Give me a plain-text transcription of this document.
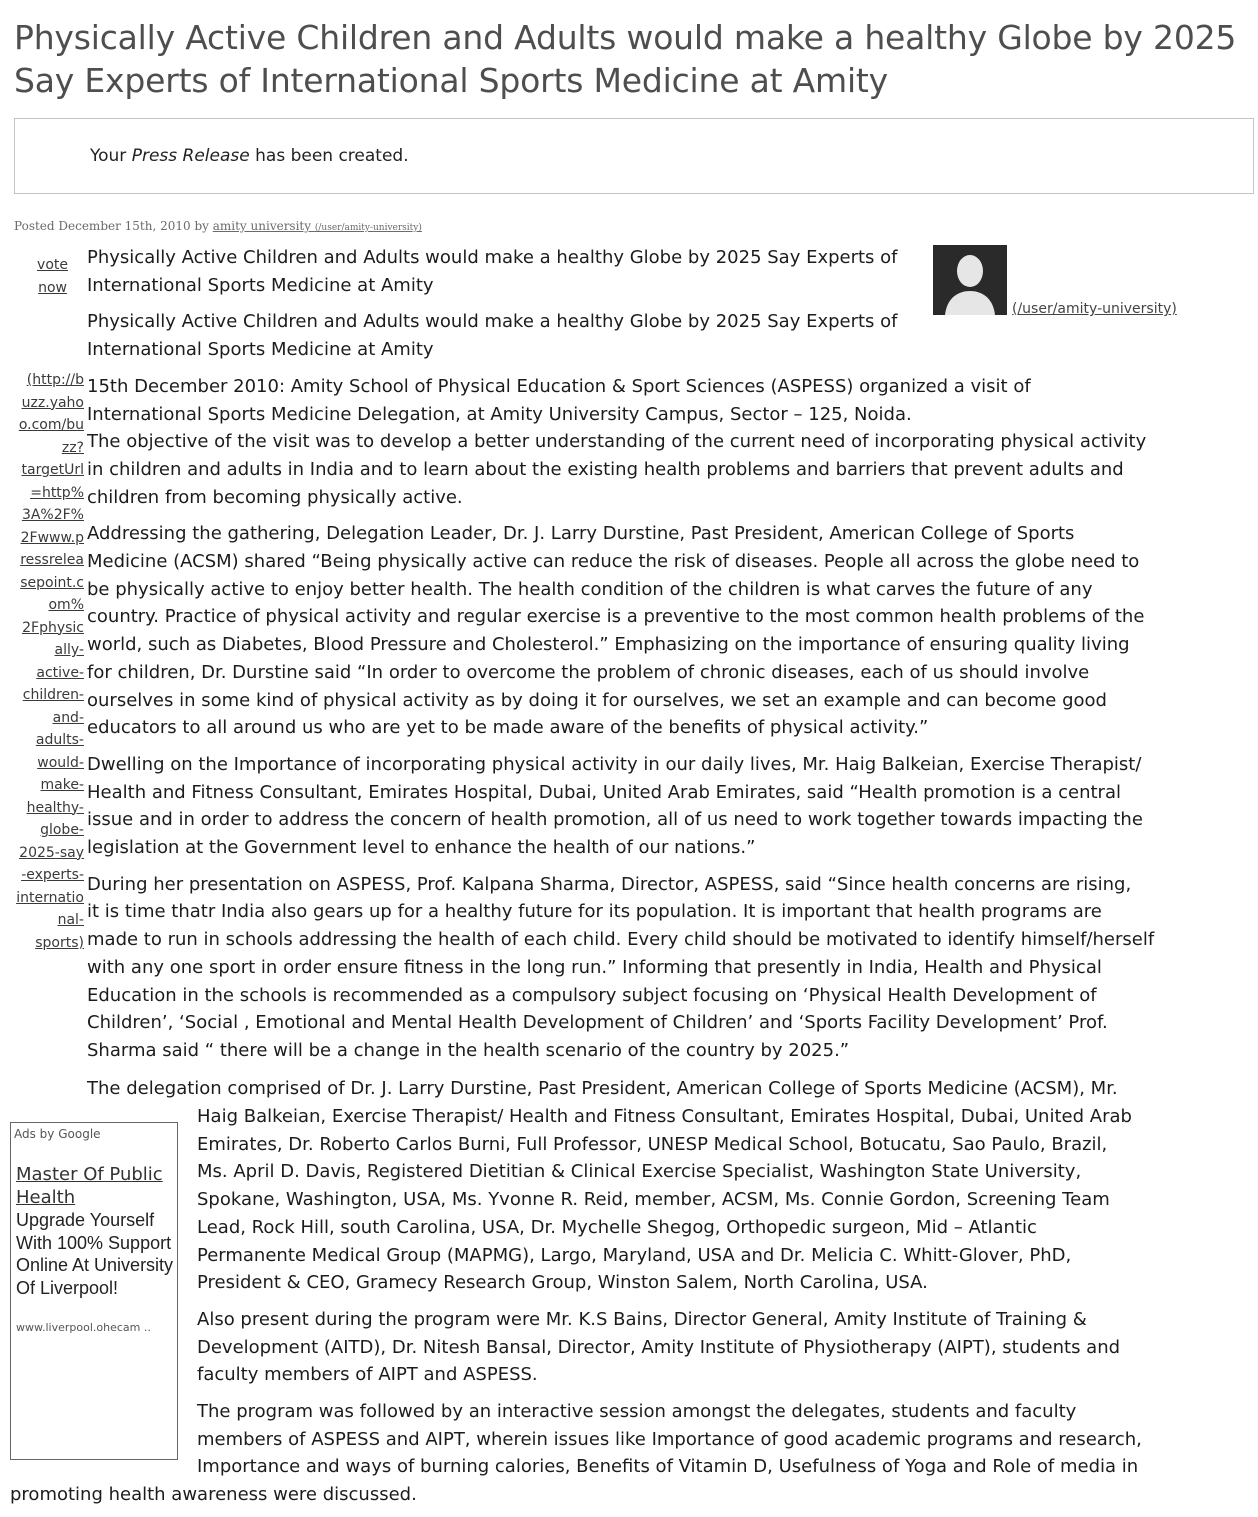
Physically Active Children and Adults would make a healthy Globe by 2025
Say Experts of International Sports Medicine at Amity
Your Press Release has been created.
Posted December 15th, 2010 by amity university (/user/amity-university)
vote
now
(http://b
uzz.yaho
o.com/bu
zz?
targetUrl
=http%
3A%2F%
2Fwww.p
ressrelea
sepoint.c
om%
2Fphysic
ally-
active-
children-
and-
adults-
would-
make-
healthy-
globe-
2025-say
-experts-
internatio
nal-
sports)
(/user/amity-university)
Physically Active Children and Adults would make a healthy Globe by 2025 Say Experts of
International Sports Medicine at Amity
Physically Active Children and Adults would make a healthy Globe by 2025 Say Experts of
International Sports Medicine at Amity
15th December 2010: Amity School of Physical Education & Sport Sciences (ASPESS) organized a visit of
International Sports Medicine Delegation, at Amity University Campus, Sector – 125, Noida.
The objective of the visit was to develop a better understanding of the current need of incorporating physical activity
in children and adults in India and to learn about the existing health problems and barriers that prevent adults and
children from becoming physically active.
Addressing the gathering, Delegation Leader, Dr. J. Larry Durstine, Past President, American College of Sports
Medicine (ACSM) shared “Being physically active can reduce the risk of diseases. People all across the globe need to
be physically active to enjoy better health. The health condition of the children is what carves the future of any
country. Practice of physical activity and regular exercise is a preventive to the most common health problems of the
world, such as Diabetes, Blood Pressure and Cholesterol.” Emphasizing on the importance of ensuring quality living
for children, Dr. Durstine said “In order to overcome the problem of chronic diseases, each of us should involve
ourselves in some kind of physical activity as by doing it for ourselves, we set an example and can become good
educators to all around us who are yet to be made aware of the benefits of physical activity.”
Dwelling on the Importance of incorporating physical activity in our daily lives, Mr. Haig Balkeian, Exercise Therapist/
Health and Fitness Consultant, Emirates Hospital, Dubai, United Arab Emirates, said “Health promotion is a central
issue and in order to address the concern of health promotion, all of us need to work together towards impacting the
legislation at the Government level to enhance the health of our nations.”
During her presentation on ASPESS, Prof. Kalpana Sharma, Director, ASPESS, said “Since health concerns are rising,
it is time thatr India also gears up for a healthy future for its population. It is important that health programs are
made to run in schools addressing the health of each child. Every child should be motivated to identify himself/herself
with any one sport in order ensure fitness in the long run.” Informing that presently in India, Health and Physical
Education in the schools is recommended as a compulsory subject focusing on ‘Physical Health Development of
Children’, ‘Social , Emotional and Mental Health Development of Children’ and ‘Sports Facility Development’ Prof.
Sharma said “ there will be a change in the health scenario of the country by 2025.”
The delegation comprised of Dr. J. Larry Durstine, Past President, American College of Sports Medicine (ACSM), Mr.
Haig Balkeian, Exercise Therapist/ Health and Fitness Consultant, Emirates Hospital, Dubai, United Arab
Emirates, Dr. Roberto Carlos Burni, Full Professor, UNESP Medical School, Botucatu, Sao Paulo, Brazil,
Ms. April D. Davis, Registered Dietitian & Clinical Exercise Specialist, Washington State University,
Spokane, Washington, USA, Ms. Yvonne R. Reid, member, ACSM, Ms. Connie Gordon, Screening Team
Lead, Rock Hill, south Carolina, USA, Dr. Mychelle Shegog, Orthopedic surgeon, Mid – Atlantic
Permanente Medical Group (MAPMG), Largo, Maryland, USA and Dr. Melicia C. Whitt-Glover, PhD,
President & CEO, Gramecy Research Group, Winston Salem, North Carolina, USA.
Also present during the program were Mr. K.S Bains, Director General, Amity Institute of Training &
Development (AITD), Dr. Nitesh Bansal, Director, Amity Institute of Physiotherapy (AIPT), students and
faculty members of AIPT and ASPESS.
The program was followed by an interactive session amongst the delegates, students and faculty
members of ASPESS and AIPT, wherein issues like Importance of good academic programs and research,
Importance and ways of burning calories, Benefits of Vitamin D, Usefulness of Yoga and Role of media in
promoting health awareness were discussed.
Ads by Google
Master Of Public Health
Upgrade Yourself With 100% Support Online At University Of Liverpool!
www.liverpool.ohecam ..
